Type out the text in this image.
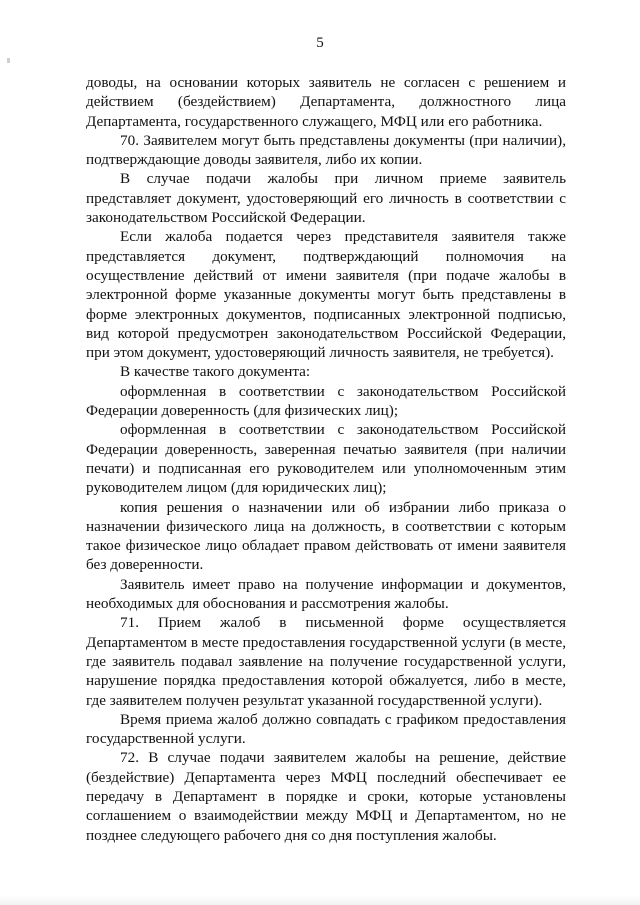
5

доводы, на основании которых заявитель не согласен с решением и действием (бездействием) Департамента, должностного лица Департамента, государственного служащего, МФЦ или его работника.

70. Заявителем могут быть представлены документы (при наличии), подтверждающие доводы заявителя, либо их копии.

В случае подачи жалобы при личном приеме заявитель представляет документ, удостоверяющий его личность в соответствии с законодательством Российской Федерации.

Если жалоба подается через представителя заявителя также представляется документ, подтверждающий полномочия на осуществление действий от имени заявителя (при подаче жалобы в электронной форме указанные документы могут быть представлены в форме электронных документов, подписанных электронной подписью, вид которой предусмотрен законодательством Российской Федерации, при этом документ, удостоверяющий личность заявителя, не требуется).

В качестве такого документа:

оформленная в соответствии с законодательством Российской Федерации доверенность (для физических лиц);

оформленная в соответствии с законодательством Российской Федерации доверенность, заверенная печатью заявителя (при наличии печати) и подписанная его руководителем или уполномоченным этим руководителем лицом (для юридических лиц);

копия решения о назначении или об избрании либо приказа о назначении физического лица на должность, в соответствии с которым такое физическое лицо обладает правом действовать от имени заявителя без доверенности.

Заявитель имеет право на получение информации и документов, необходимых для обоснования и рассмотрения жалобы.

71. Прием жалоб в письменной форме осуществляется Департаментом в месте предоставления государственной услуги (в месте, где заявитель подавал заявление на получение государственной услуги, нарушение порядка предоставления которой обжалуется, либо в месте, где заявителем получен результат указанной государственной услуги).

Время приема жалоб должно совпадать с графиком предоставления государственной услуги.

72. В случае подачи заявителем жалобы на решение, действие (бездействие) Департамента через МФЦ последний обеспечивает ее передачу в Департамент в порядке и сроки, которые установлены соглашением о взаимодействии между МФЦ и Департаментом, но не позднее следующего рабочего дня со дня поступления жалобы.
